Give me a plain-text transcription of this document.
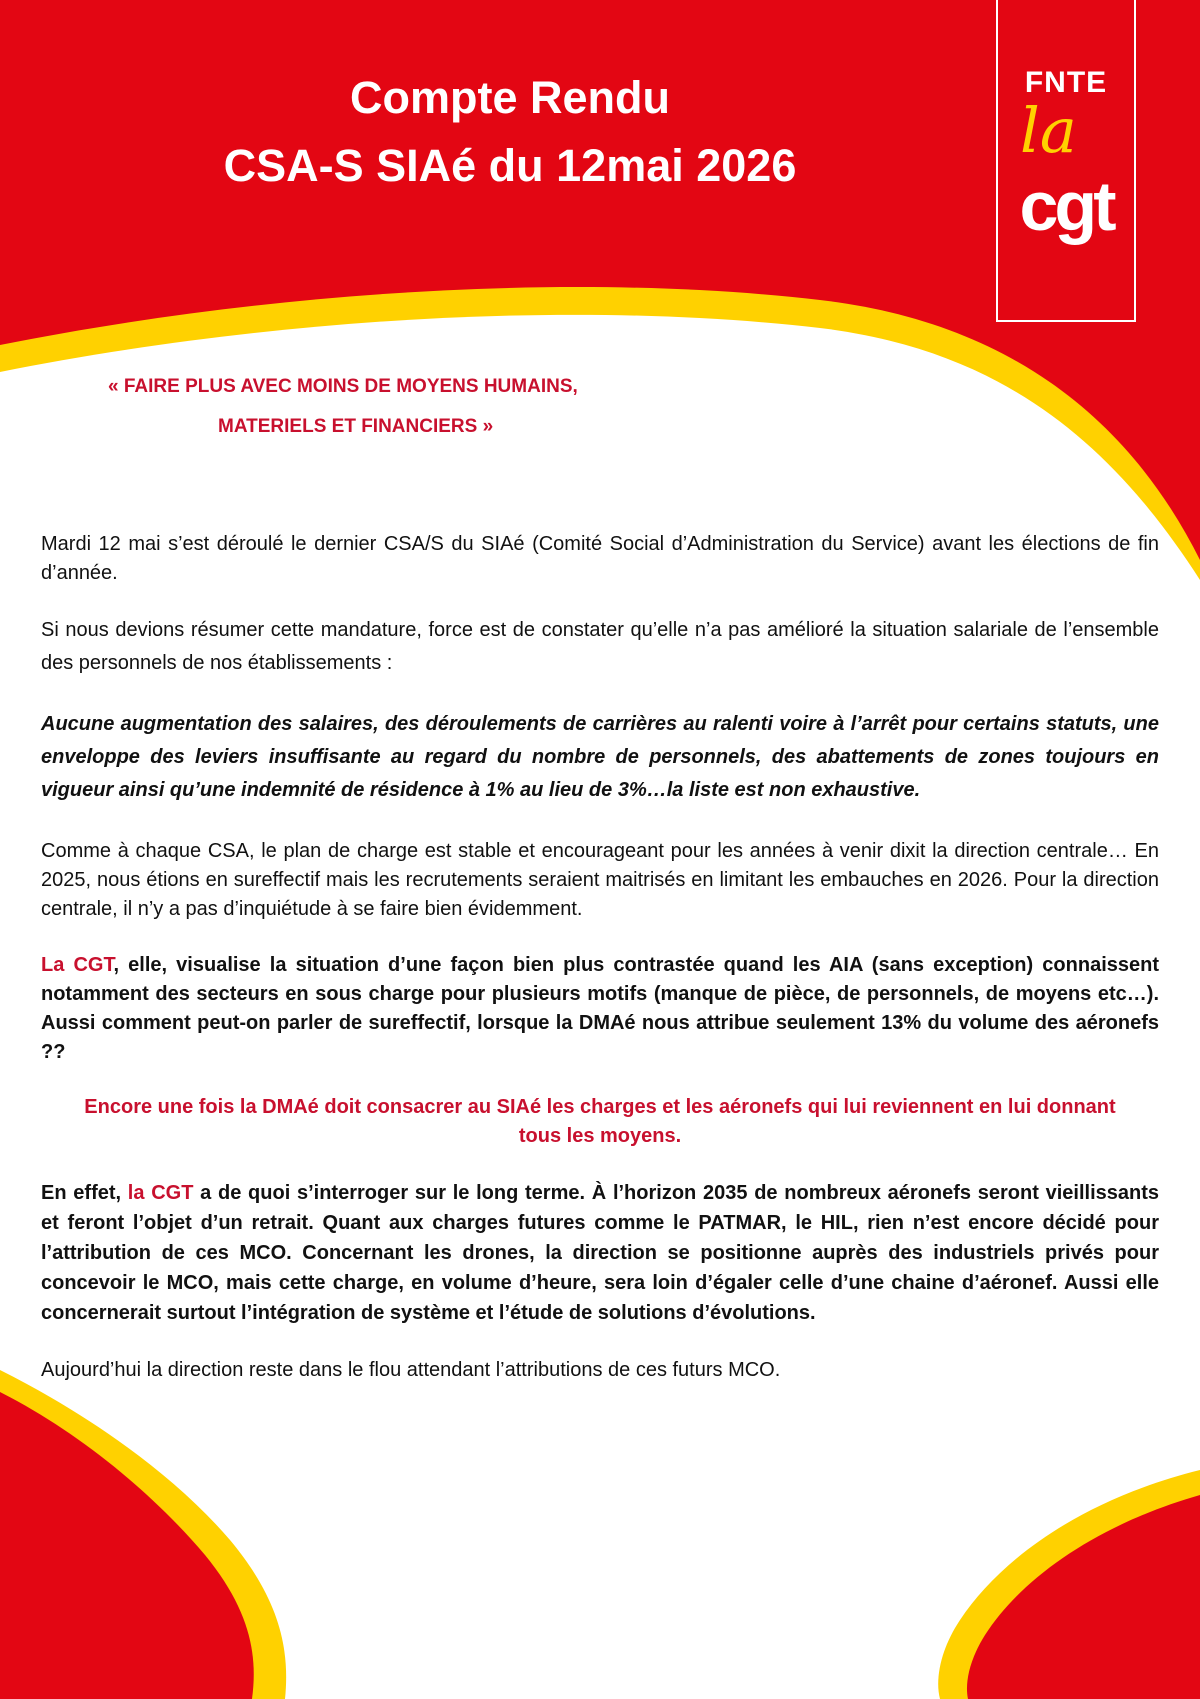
Compte Rendu
CSA-S SIAé du 12mai 2026
FNTE
la
cgt

« FAIRE PLUS AVEC MOINS DE MOYENS HUMAINS,

MATERIELS ET FINANCIERS »

Mardi 12 mai s’est déroulé le dernier CSA/S du SIAé (Comité Social d’Administration du Service) avant les élections de fin d’année.

Si nous devions résumer cette mandature, force est de constater qu’elle n’a pas amélioré la situation salariale de l’ensemble des personnels de nos établissements :

Aucune augmentation des salaires, des déroulements de carrières au ralenti voire à l’arrêt pour certains statuts, une enveloppe des leviers insuffisante au regard du nombre de personnels, des abattements de zones toujours en vigueur ainsi qu’une indemnité de résidence à 1% au lieu de 3%…la liste est non exhaustive.

Comme à chaque CSA, le plan de charge est stable et encourageant pour les années à venir dixit la direction centrale… En 2025, nous étions en sureffectif mais les recrutements seraient maitrisés en limitant les embauches en 2026. Pour la direction centrale, il n’y a pas d’inquiétude à se faire bien évidemment.

La CGT, elle, visualise la situation d’une façon bien plus contrastée quand les AIA (sans exception) connaissent notamment des secteurs en sous charge pour plusieurs motifs (manque de pièce, de personnels, de moyens etc…). Aussi comment peut-on parler de sureffectif, lorsque la DMAé nous attribue seulement 13% du volume des aéronefs ??

Encore une fois la DMAé doit consacrer au SIAé les charges et les aéronefs qui lui reviennent en lui donnant tous les moyens.

En effet, la CGT a de quoi s’interroger sur le long terme. À l’horizon 2035 de nombreux aéronefs seront vieillissants et feront l’objet d’un retrait. Quant aux charges futures comme le PATMAR, le HIL, rien n’est encore décidé pour l’attribution de ces MCO. Concernant les drones, la direction se positionne auprès des industriels privés pour concevoir le MCO, mais cette charge, en volume d’heure, sera loin d’égaler celle d’une chaine d’aéronef. Aussi elle concernerait surtout l’intégration de système et l’étude de solutions d’évolutions.

Aujourd’hui la direction reste dans le flou attendant l’attributions de ces futurs MCO.
